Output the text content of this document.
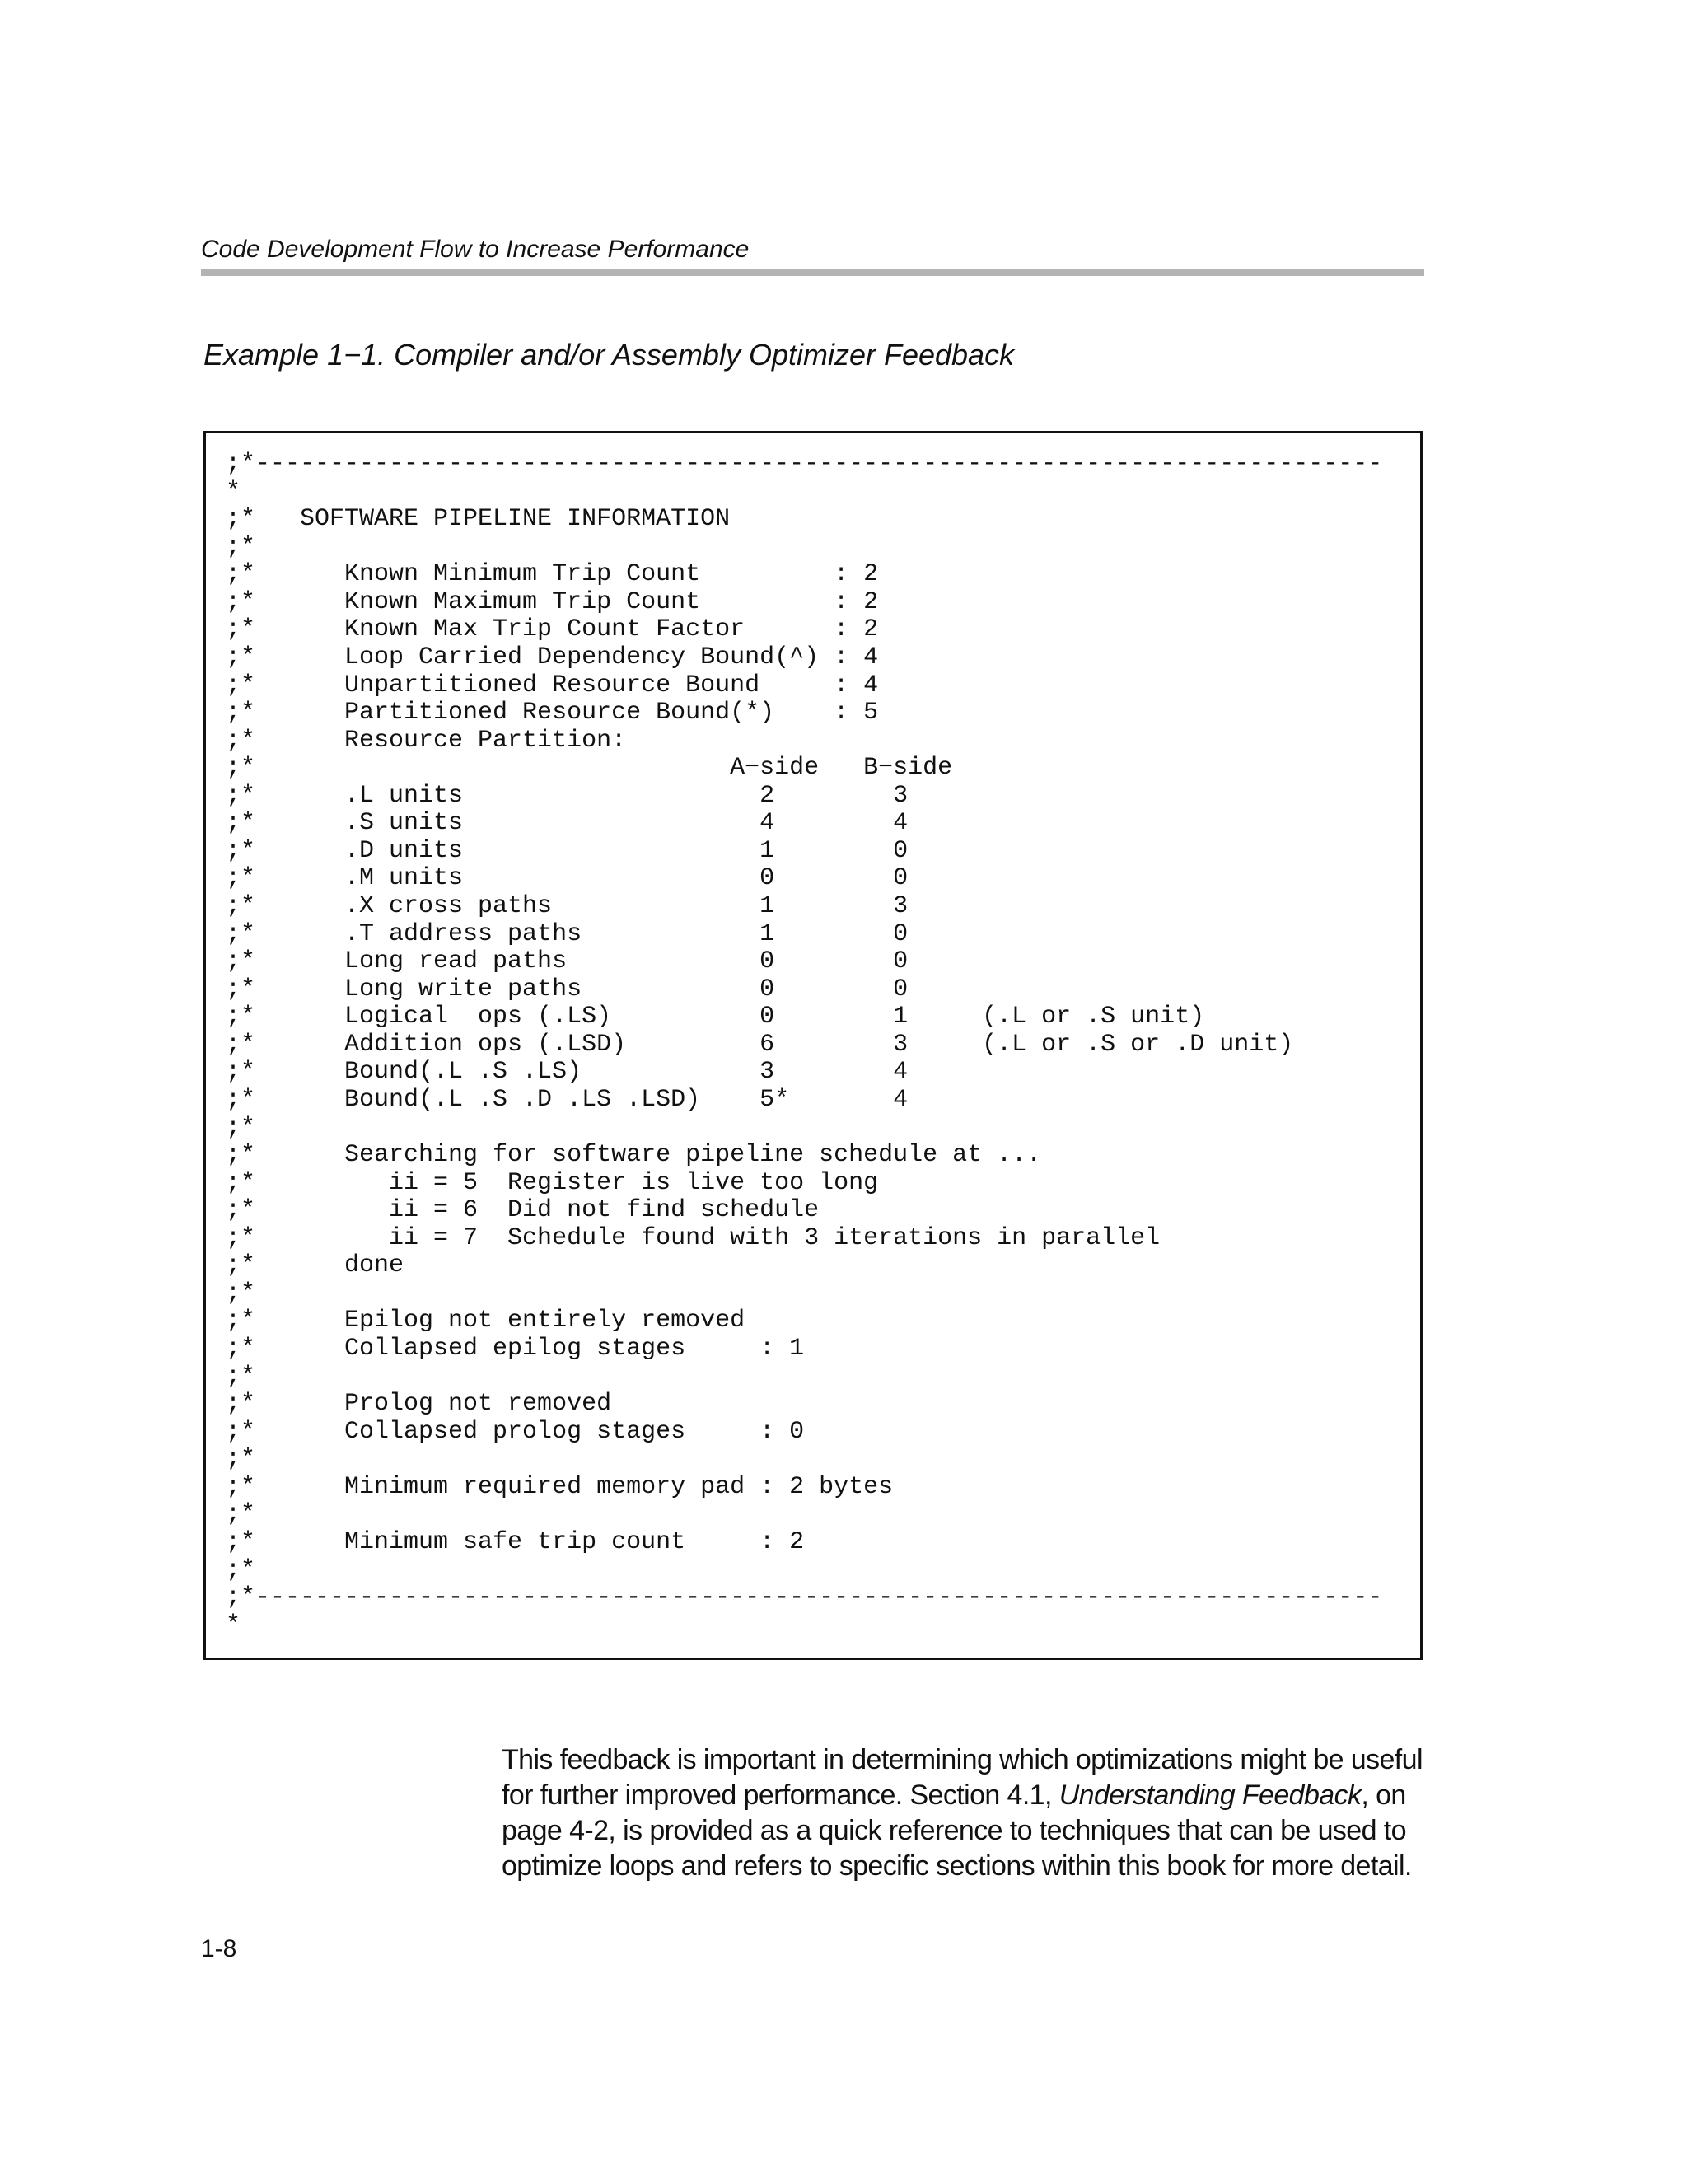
Code Development Flow to Increase Performance
Example 1−1. Compiler and/or Assembly Optimizer Feedback
;*----------------------------------------------------------------------------
*
;*   SOFTWARE PIPELINE INFORMATION
;*
;*      Known Minimum Trip Count         : 2
;*      Known Maximum Trip Count         : 2
;*      Known Max Trip Count Factor      : 2
;*      Loop Carried Dependency Bound(^) : 4
;*      Unpartitioned Resource Bound     : 4
;*      Partitioned Resource Bound(*)    : 5
;*      Resource Partition:
;*                                A−side   B−side
;*      .L units                    2        3
;*      .S units                    4        4
;*      .D units                    1        0
;*      .M units                    0        0
;*      .X cross paths              1        3
;*      .T address paths            1        0
;*      Long read paths             0        0
;*      Long write paths            0        0
;*      Logical  ops (.LS)          0        1     (.L or .S unit)
;*      Addition ops (.LSD)         6        3     (.L or .S or .D unit)
;*      Bound(.L .S .LS)            3        4
;*      Bound(.L .S .D .LS .LSD)    5*       4
;*
;*      Searching for software pipeline schedule at ...
;*         ii = 5  Register is live too long
;*         ii = 6  Did not find schedule
;*         ii = 7  Schedule found with 3 iterations in parallel
;*      done
;*
;*      Epilog not entirely removed
;*      Collapsed epilog stages     : 1
;*
;*      Prolog not removed
;*      Collapsed prolog stages     : 0
;*
;*      Minimum required memory pad : 2 bytes
;*
;*      Minimum safe trip count     : 2
;*
;*----------------------------------------------------------------------------
*

This feedback is important in determining which optimizations might be useful for further improved performance. Section 4.1, Understanding Feedback, on page 4-2, is provided as a quick reference to techniques that can be used to optimize loops and refers to specific sections within this book for more detail.

1-8
